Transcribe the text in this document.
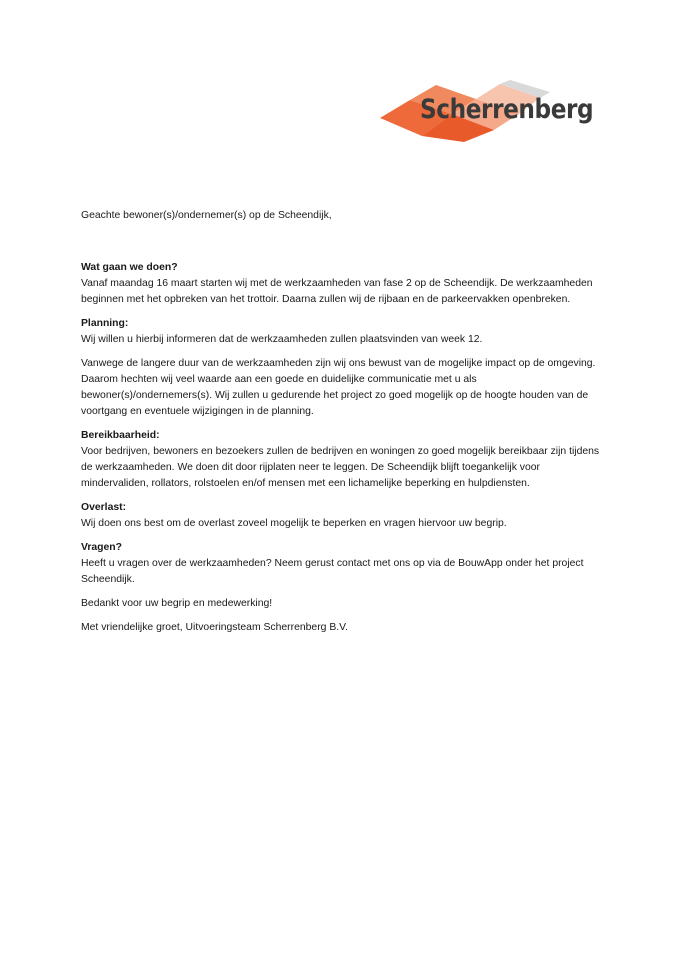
Scherrenberg

Geachte bewoner(s)/ondernemer(s) op de Scheendijk,

Wat gaan we doen?

Vanaf maandag 16 maart starten wij met de werkzaamheden van fase 2 op de Scheendijk. De werkzaamheden beginnen met het opbreken van het trottoir. Daarna zullen wij de rijbaan en de parkeervakken openbreken.

Planning:

Wij willen u hierbij informeren dat de werkzaamheden zullen plaatsvinden van week 12.

Vanwege de langere duur van de werkzaamheden zijn wij ons bewust van de mogelijke impact op de omgeving. Daarom hechten wij veel waarde aan een goede en duidelijke communicatie met u als bewoner(s)/ondernemers(s). Wij zullen u gedurende het project zo goed mogelijk op de hoogte houden van de voortgang en eventuele wijzigingen in de planning.

Bereikbaarheid:

Voor bedrijven, bewoners en bezoekers zullen de bedrijven en woningen zo goed mogelijk bereikbaar zijn tijdens de werkzaamheden. We doen dit door rijplaten neer te leggen. De Scheendijk blijft toegankelijk voor mindervaliden, rollators, rolstoelen en/of mensen met een lichamelijke beperking en hulpdiensten.

Overlast:

Wij doen ons best om de overlast zoveel mogelijk te beperken en vragen hiervoor uw begrip.

Vragen?

Heeft u vragen over de werkzaamheden? Neem gerust contact met ons op via de BouwApp onder het project Scheendijk.

Bedankt voor uw begrip en medewerking!

Met vriendelijke groet, Uitvoeringsteam Scherrenberg B.V.
